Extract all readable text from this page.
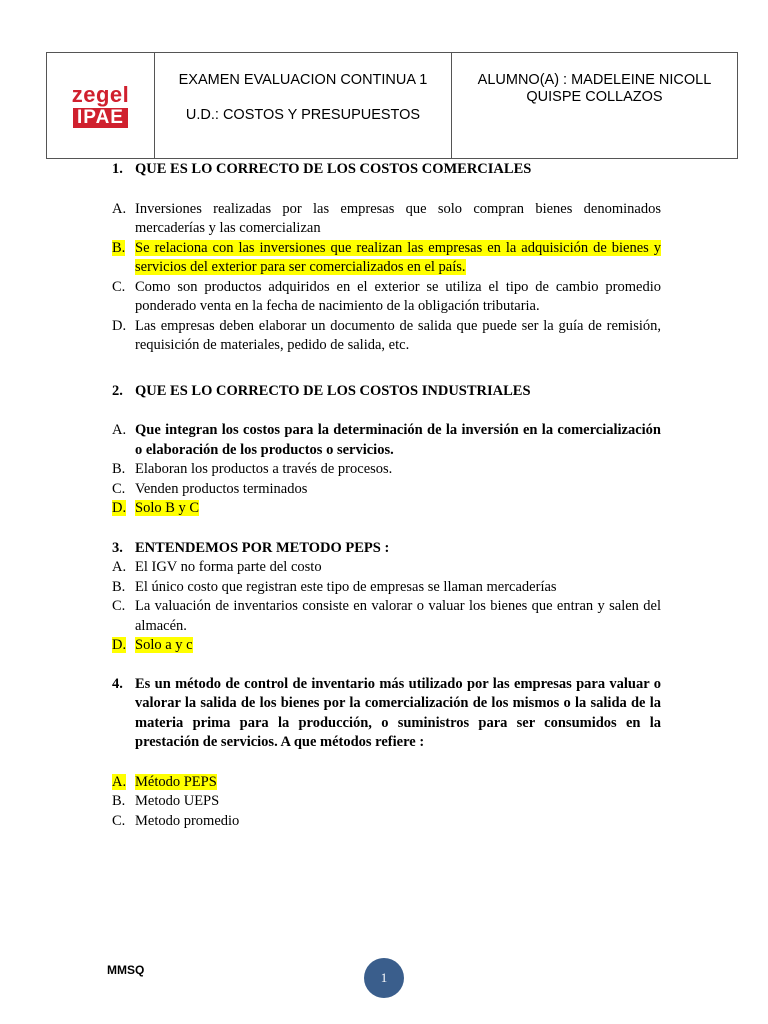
zegel
IPAE
EXAMEN EVALUACION CONTINUA 1
U.D.: COSTOS Y PRESUPUESTOS
ALUMNO(A) : MADELEINE NICOLL QUISPE COLLAZOS
1. QUE ES LO CORRECTO DE LOS COSTOS COMERCIALES
A. Inversiones realizadas por las empresas que solo compran bienes denominados mercaderías y las comercializan
B. Se relaciona con las inversiones que realizan las empresas en la adquisición de bienes y servicios del exterior para ser comercializados en el país.
C. Como son productos adquiridos en el exterior se utiliza el tipo de cambio promedio ponderado venta en la fecha de nacimiento de la obligación tributaria.
D. Las empresas deben elaborar un documento de salida que puede ser la guía de remisión, requisición de materiales, pedido de salida, etc.
2. QUE ES LO CORRECTO DE LOS COSTOS INDUSTRIALES
A. Que integran los costos para la determinación de la inversión en la comercialización o elaboración de los productos o servicios.
B. Elaboran los productos a través de procesos.
C. Venden productos terminados
D. Solo B y C
3. ENTENDEMOS POR METODO PEPS :
A. El IGV no forma parte del costo
B. El único costo que registran este tipo de empresas se llaman mercaderías
C. La valuación de inventarios consiste en valorar o valuar los bienes que entran y salen del almacén.
D. Solo a y c
4. Es un método de control de inventario más utilizado por las empresas para valuar o valorar la salida de los bienes por la comercialización de los mismos o la salida de la materia prima para la producción, o suministros para ser consumidos en la prestación de servicios. A que métodos refiere :
A. Método PEPS
B. Metodo UEPS
C. Metodo promedio
MMSQ	1
